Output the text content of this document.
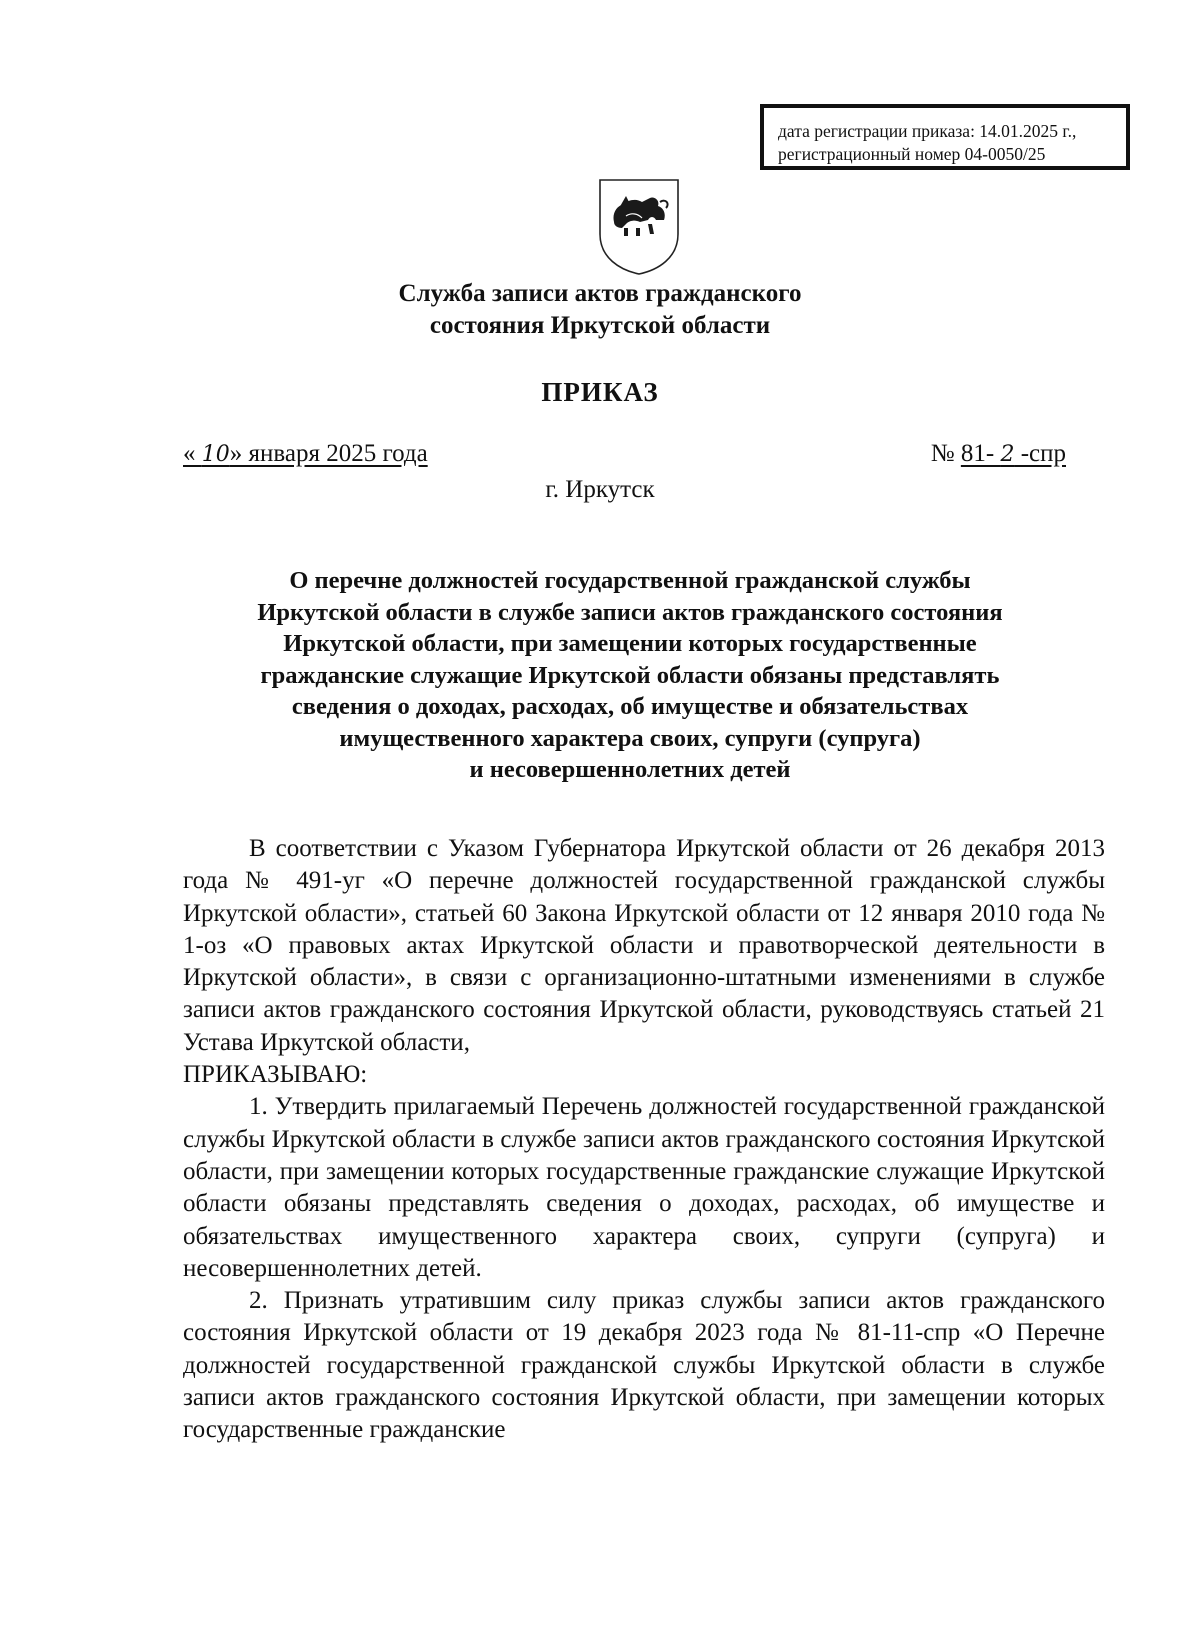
дата регистрации приказа: 14.01.2025 г.,
регистрационный номер 04-0050/25
Служба записи актов гражданского
состояния Иркутской области
ПРИКАЗ
« 10» января 2025 года	№ 81- 2 -спр
г. Иркутск
О перечне должностей государственной гражданской службы
Иркутской области в службе записи актов гражданского состояния
Иркутской области, при замещении которых государственные
гражданские служащие Иркутской области обязаны представлять
сведения о доходах, расходах, об имуществе и обязательствах
имущественного характера своих, супруги (супруга)
и несовершеннолетних детей

В соответствии с Указом Губернатора Иркутской области от 26 декабря 2013 года № 491-уг «О перечне должностей государственной гражданской службы Иркутской области», статьей 60 Закона Иркутской области от 12 января 2010 года № 1-оз «О правовых актах Иркутской области и правотворческой деятельности в Иркутской области», в связи с организационно-штатными изменениями в службе записи актов гражданского состояния Иркутской области, руководствуясь статьей 21 Устава Иркутской области,

ПРИКАЗЫВАЮ:

1. Утвердить прилагаемый Перечень должностей государственной гражданской службы Иркутской области в службе записи актов гражданского состояния Иркутской области, при замещении которых государственные гражданские служащие Иркутской области обязаны представлять сведения о доходах, расходах, об имуществе и обязательствах имущественного характера своих, супруги (супруга) и несовершеннолетних детей.

2. Признать утратившим силу приказ службы записи актов гражданского состояния Иркутской области от 19 декабря 2023 года № 81-11-спр «О Перечне должностей государственной гражданской службы Иркутской области в службе записи актов гражданского состояния Иркутской области, при замещении которых государственные гражданские
